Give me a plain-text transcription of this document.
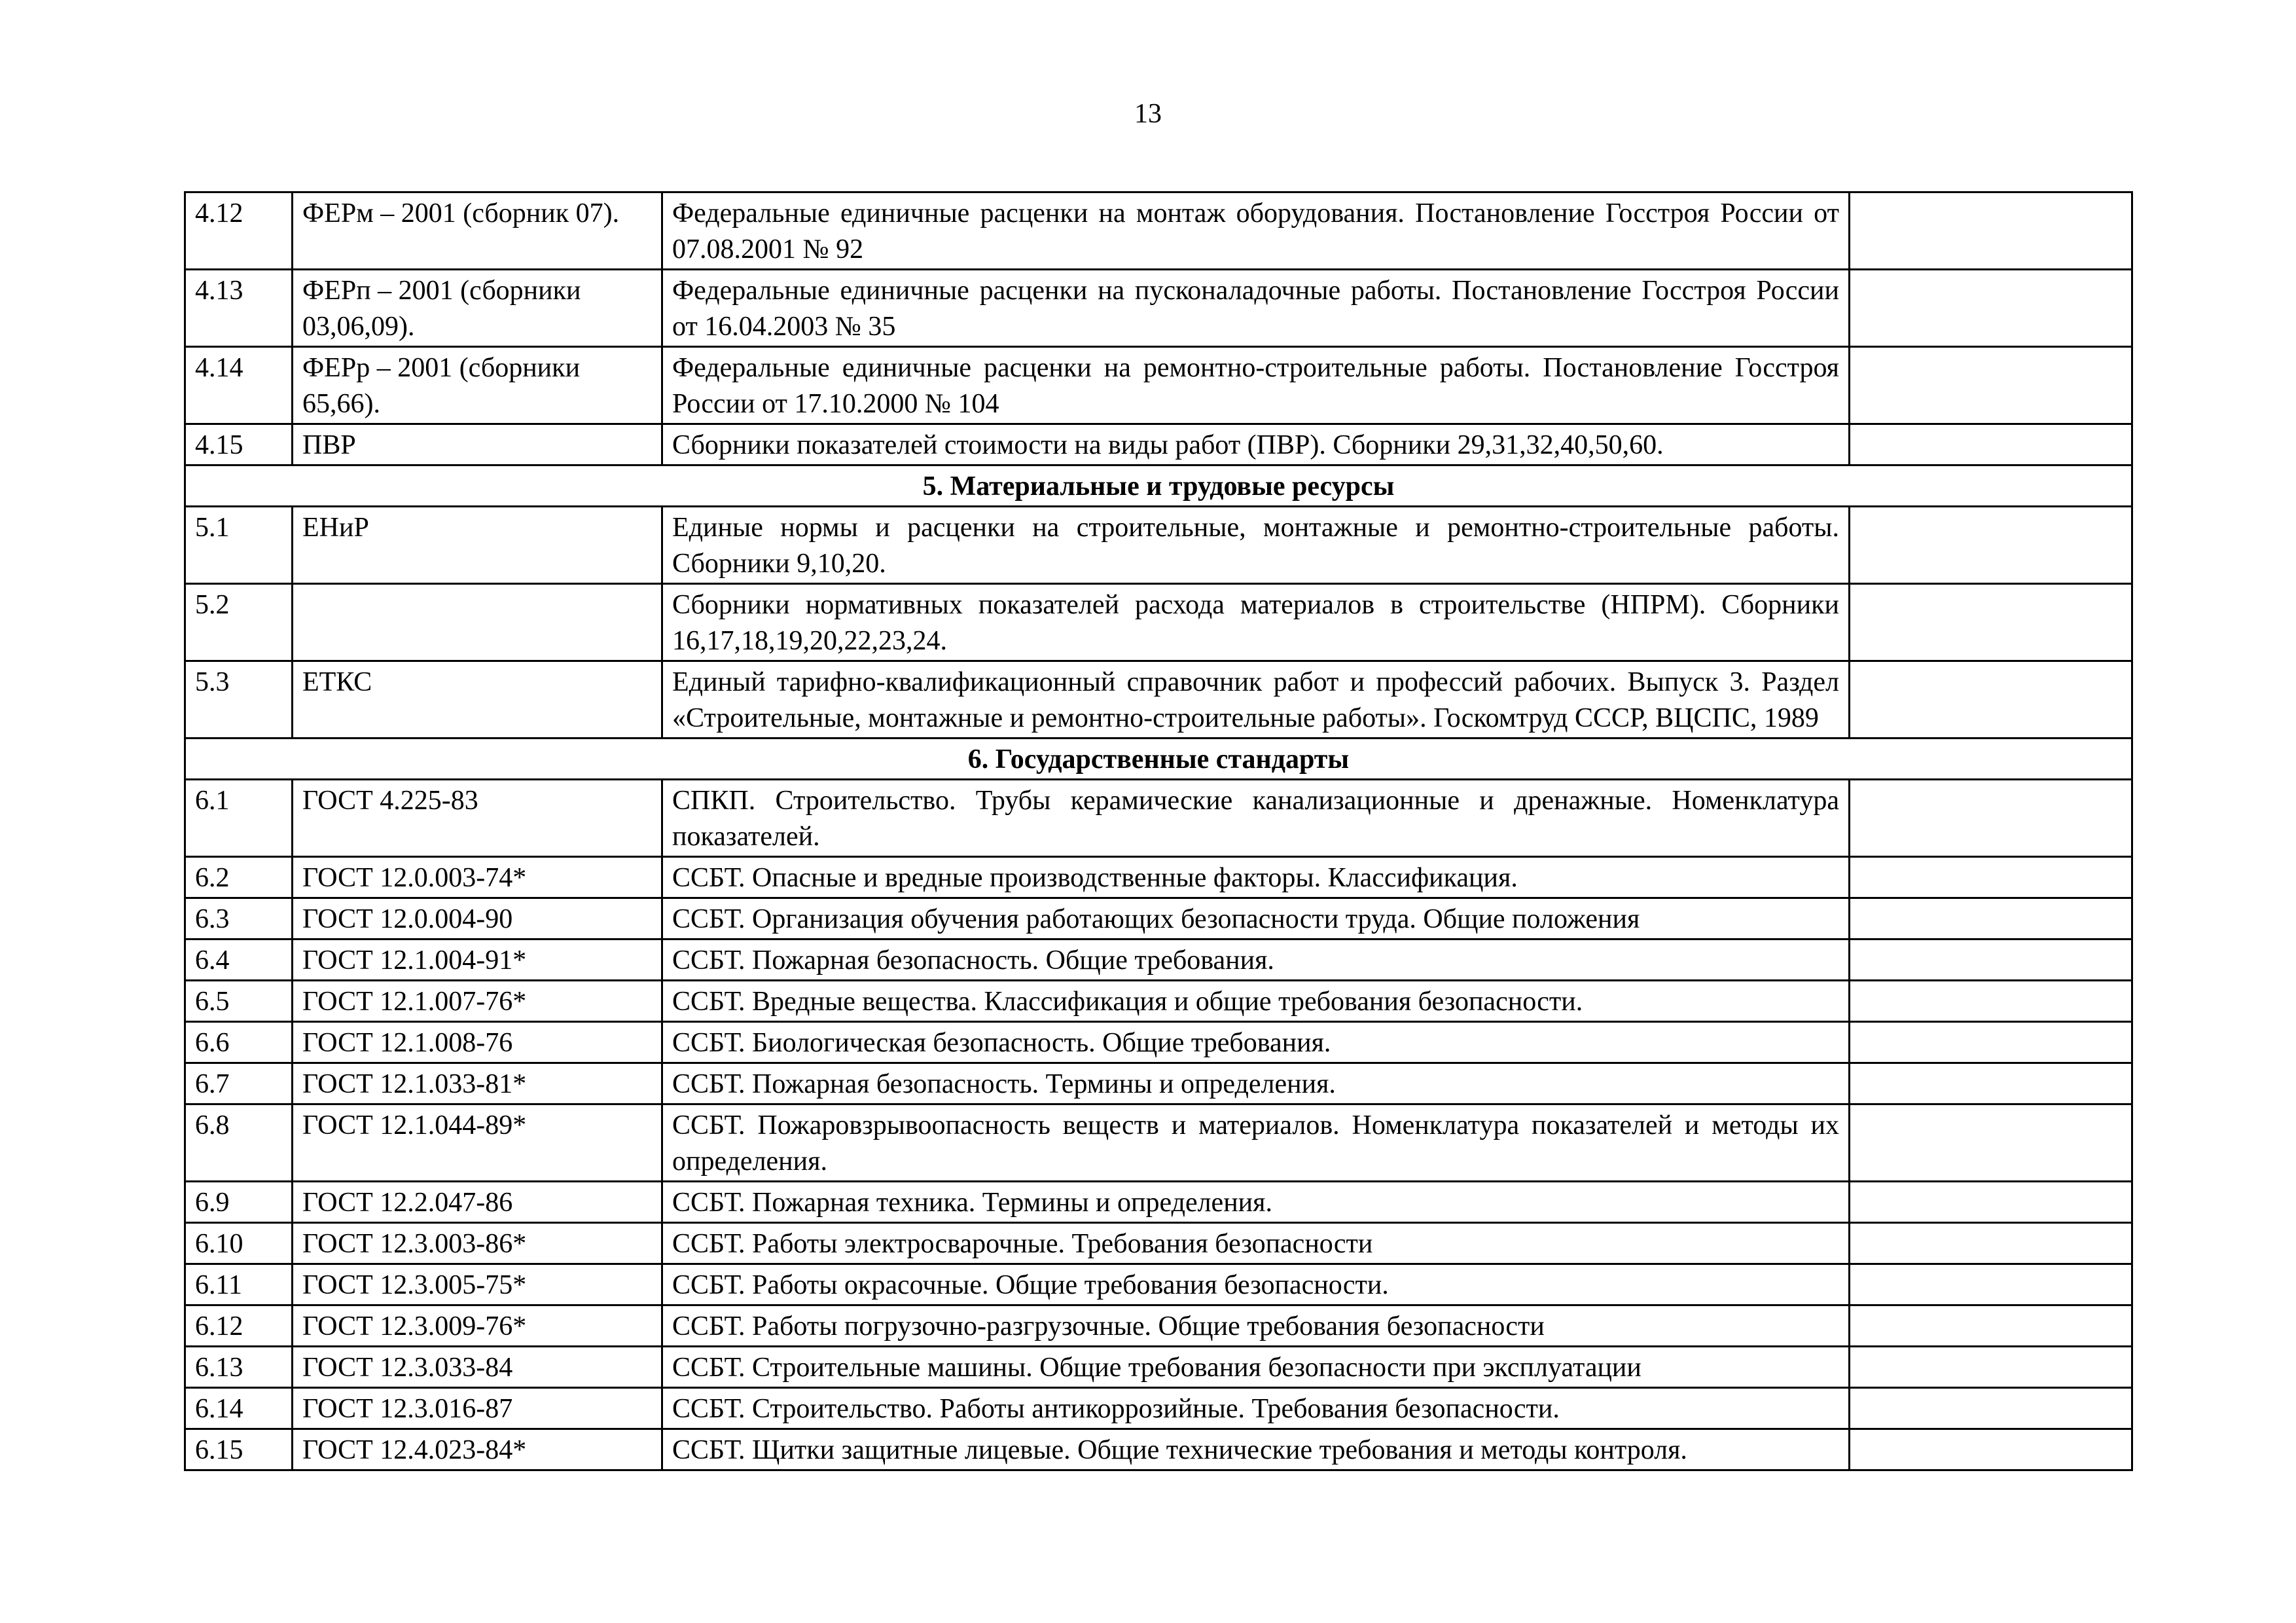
13
4.12	ФЕРм – 2001 (сборник 07).	Федеральные единичные расценки на монтаж оборудования. Постановление Госстроя России от 07.08.2001 № 92	
4.13	ФЕРп – 2001 (сборники 03,06,09).	Федеральные единичные расценки на пусконаладочные работы. Постановление Госстроя России от 16.04.2003 № 35	
4.14	ФЕРр – 2001 (сборники 65,66).	Федеральные единичные расценки на ремонтно-строительные работы. Постановление Госстроя России от 17.10.2000 № 104	
4.15	ПВР	Сборники показателей стоимости на виды работ (ПВР). Сборники 29,31,32,40,50,60.	
5. Материальные и трудовые ресурсы			
5.1	ЕНиР	Единые нормы и расценки на строительные, монтажные и ремонтно-строительные работы. Сборники 9,10,20.	
5.2		Сборники нормативных показателей расхода материалов в строительстве (НПРМ). Сборники 16,17,18,19,20,22,23,24.	
5.3	ЕТКС	Единый тарифно-квалификационный справочник работ и профессий рабочих. Выпуск 3. Раздел «Строительные, монтажные и ремонтно-строительные работы». Госкомтруд СССР, ВЦСПС, 1989	
6. Государственные стандарты			
6.1	ГОСТ 4.225-83	СПКП. Строительство. Трубы керамические канализационные и дренажные. Номенклатура показателей.	
6.2	ГОСТ 12.0.003-74*	ССБТ. Опасные и вредные производственные факторы. Классификация.	
6.3	ГОСТ 12.0.004-90	ССБТ. Организация обучения работающих безопасности труда. Общие положения	
6.4	ГОСТ 12.1.004-91*	ССБТ. Пожарная безопасность. Общие требования.	
6.5	ГОСТ 12.1.007-76*	ССБТ. Вредные вещества. Классификация и общие требования безопасности.	
6.6	ГОСТ 12.1.008-76	ССБТ. Биологическая безопасность. Общие требования.	
6.7	ГОСТ 12.1.033-81*	ССБТ. Пожарная безопасность. Термины и определения.	
6.8	ГОСТ 12.1.044-89*	ССБТ. Пожаровзрывоопасность веществ и материалов. Номенклатура показателей и методы их определения.	
6.9	ГОСТ 12.2.047-86	ССБТ. Пожарная техника. Термины и определения.	
6.10	ГОСТ 12.3.003-86*	ССБТ. Работы электросварочные. Требования безопасности	
6.11	ГОСТ 12.3.005-75*	ССБТ. Работы окрасочные. Общие требования безопасности.	
6.12	ГОСТ 12.3.009-76*	ССБТ. Работы погрузочно-разгрузочные. Общие требования безопасности	
6.13	ГОСТ 12.3.033-84	ССБТ. Строительные машины. Общие требования безопасности при эксплуатации	
6.14	ГОСТ 12.3.016-87	ССБТ. Строительство. Работы антикоррозийные. Требования безопасности.	
6.15	ГОСТ 12.4.023-84*	ССБТ. Щитки защитные лицевые. Общие технические требования и методы контроля.	
